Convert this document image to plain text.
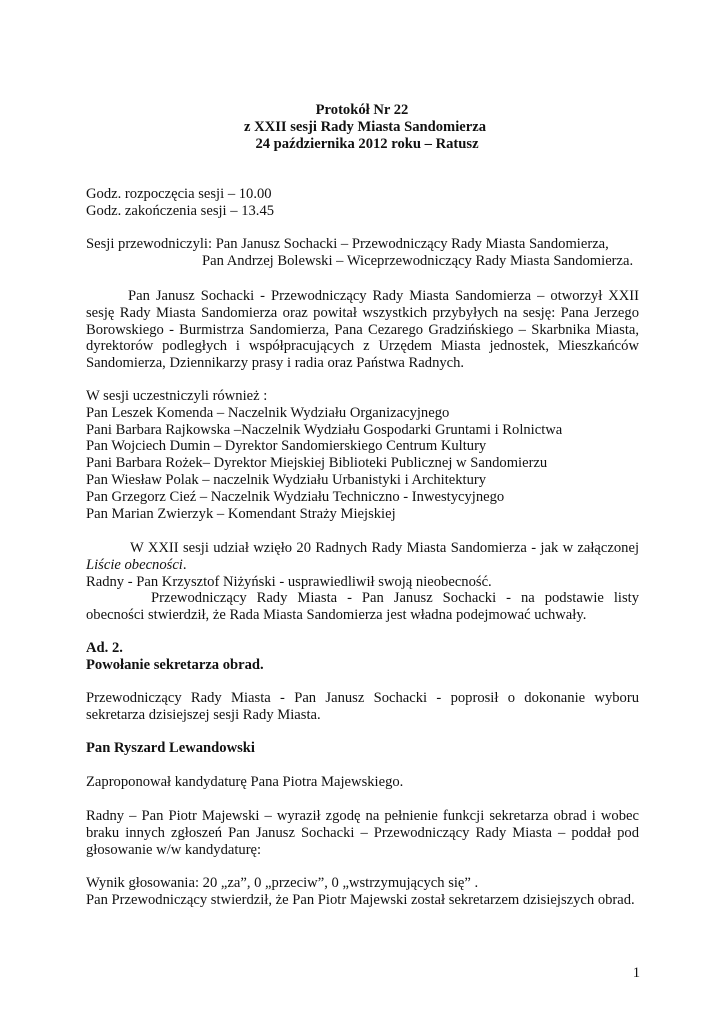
Protokół Nr 22
z XXII sesji Rady Miasta Sandomierza
24 października 2012 roku – Ratusz
Godz. rozpoczęcia sesji – 10.00
Godz. zakończenia sesji – 13.45
Sesji przewodniczyli: Pan Janusz Sochacki – Przewodniczący Rady Miasta Sandomierza,
Pan Andrzej Bolewski – Wiceprzewodniczący Rady Miasta Sandomierza.
Pan Janusz Sochacki - Przewodniczący Rady Miasta Sandomierza – otworzył XXII
sesję Rady Miasta Sandomierza oraz powitał wszystkich przybyłych na sesję: Pana Jerzego
Borowskiego - Burmistrza Sandomierza, Pana Cezarego Gradzińskiego – Skarbnika Miasta,
dyrektorów podległych i współpracujących z Urzędem Miasta jednostek, Mieszkańców
Sandomierza, Dziennikarzy prasy i radia oraz Państwa Radnych.
W sesji uczestniczyli również :
Pan Leszek Komenda – Naczelnik Wydziału Organizacyjnego
Pani Barbara Rajkowska –Naczelnik Wydziału Gospodarki Gruntami i Rolnictwa
Pan Wojciech Dumin – Dyrektor Sandomierskiego Centrum Kultury
Pani Barbara Rożek– Dyrektor Miejskiej Biblioteki Publicznej w Sandomierzu
Pan Wiesław Polak – naczelnik Wydziału Urbanistyki i Architektury
Pan Grzegorz Cieź – Naczelnik Wydziału Techniczno - Inwestycyjnego
Pan Marian Zwierzyk – Komendant Straży Miejskiej
W XXII sesji udział wzięło 20 Radnych Rady Miasta Sandomierza - jak w załączonej
Liście obecności.
Radny - Pan Krzysztof Niżyński - usprawiedliwił swoją nieobecność.
Przewodniczący Rady Miasta - Pan Janusz Sochacki - na podstawie listy
obecności stwierdził, że Rada Miasta Sandomierza jest władna podejmować uchwały.
Ad. 2.
Powołanie sekretarza obrad.
Przewodniczący Rady Miasta - Pan Janusz Sochacki - poprosił o dokonanie wyboru
sekretarza dzisiejszej sesji Rady Miasta.
Pan Ryszard Lewandowski
Zaproponował kandydaturę Pana Piotra Majewskiego.
Radny – Pan Piotr Majewski – wyraził zgodę na pełnienie funkcji sekretarza obrad i wobec
braku innych zgłoszeń Pan Janusz Sochacki – Przewodniczący Rady Miasta – poddał pod
głosowanie w/w kandydaturę:
Wynik głosowania: 20 „za”, 0 „przeciw”, 0 „wstrzymujących się” .
Pan Przewodniczący stwierdził, że Pan Piotr Majewski został sekretarzem dzisiejszych obrad.
1
